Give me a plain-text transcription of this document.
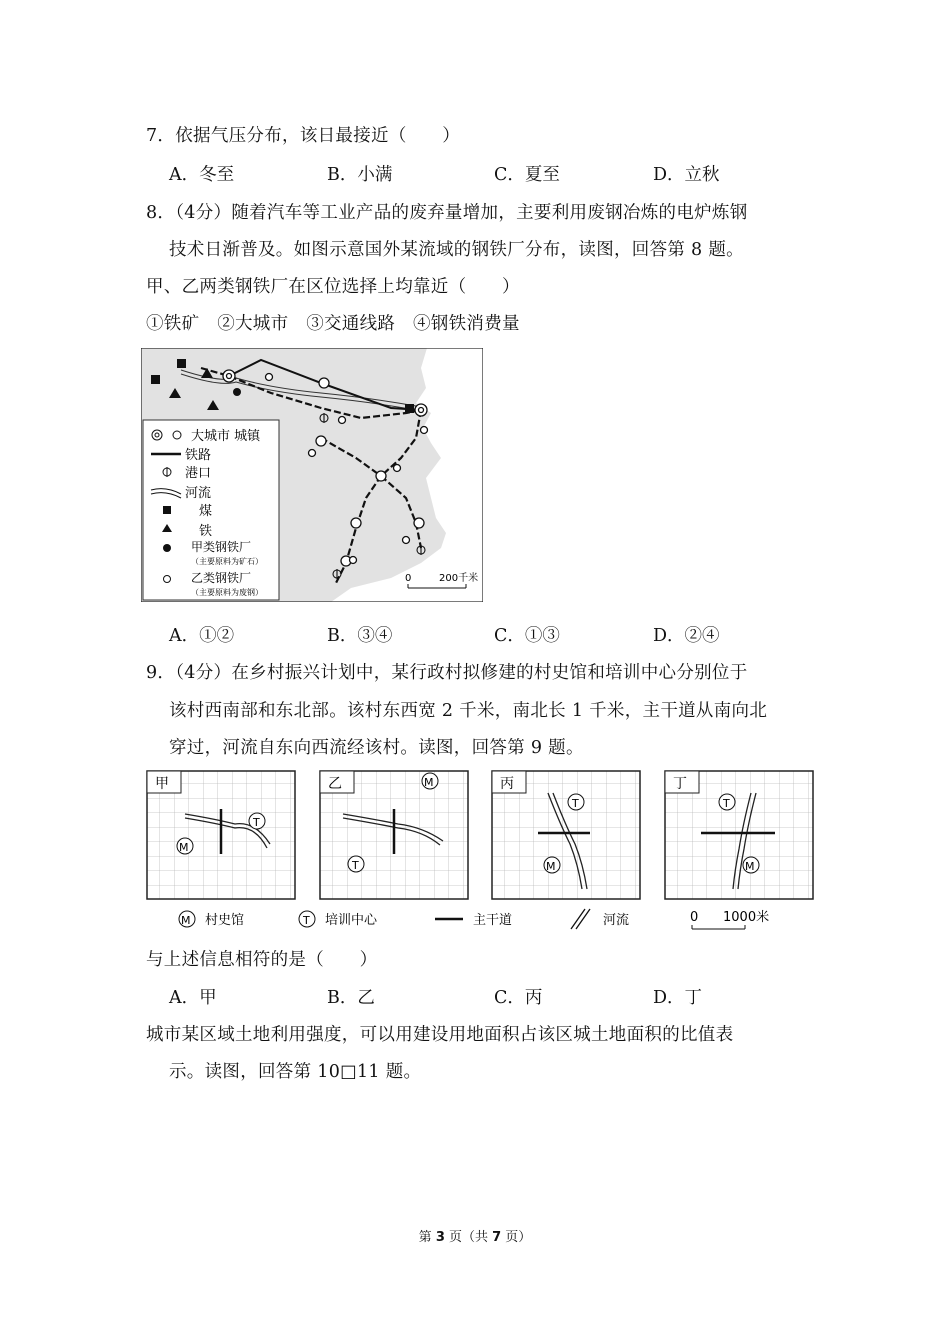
7．依据气压分布，该日最接近（　　）
A．冬至	B．小满	C．夏至	D．立秋
8．（4分）随着汽车等工业产品的废弃量增加，主要利用废钢冶炼的电炉炼钢
技术日渐普及。如图示意国外某流域的钢铁厂分布，读图，回答第 8 题。
甲、乙两类钢铁厂在区位选择上均靠近（　　）
①铁矿　②大城市　③交通线路　④钢铁消费量
大城市 城镇
铁路
港口
河流
煤
铁
甲类钢铁厂
（主要原料为矿石）
乙类钢铁厂
（主要原料为废钢）
0	200千米
A．①②	B．③④	C．①③	D．②④
9．（4分）在乡村振兴计划中，某行政村拟修建的村史馆和培训中心分别位于
该村西南部和东北部。该村东西宽 2 千米，南北长 1 千米，主干道从南向北
穿过，河流自东向西流经该村。读图，回答第 9 题。
甲
M
T
乙	M
T
丙
T
M
丁
T
M
M 村史馆	T 培训中心	主干道	河流	0 1000米
与上述信息相符的是（　　）
A．甲	B．乙	C．丙	D．丁
城市某区域土地利用强度，可以用建设用地面积占该区城土地面积的比值表
示。读图，回答第 10□11 题。
第 3 页（共 7 页）
